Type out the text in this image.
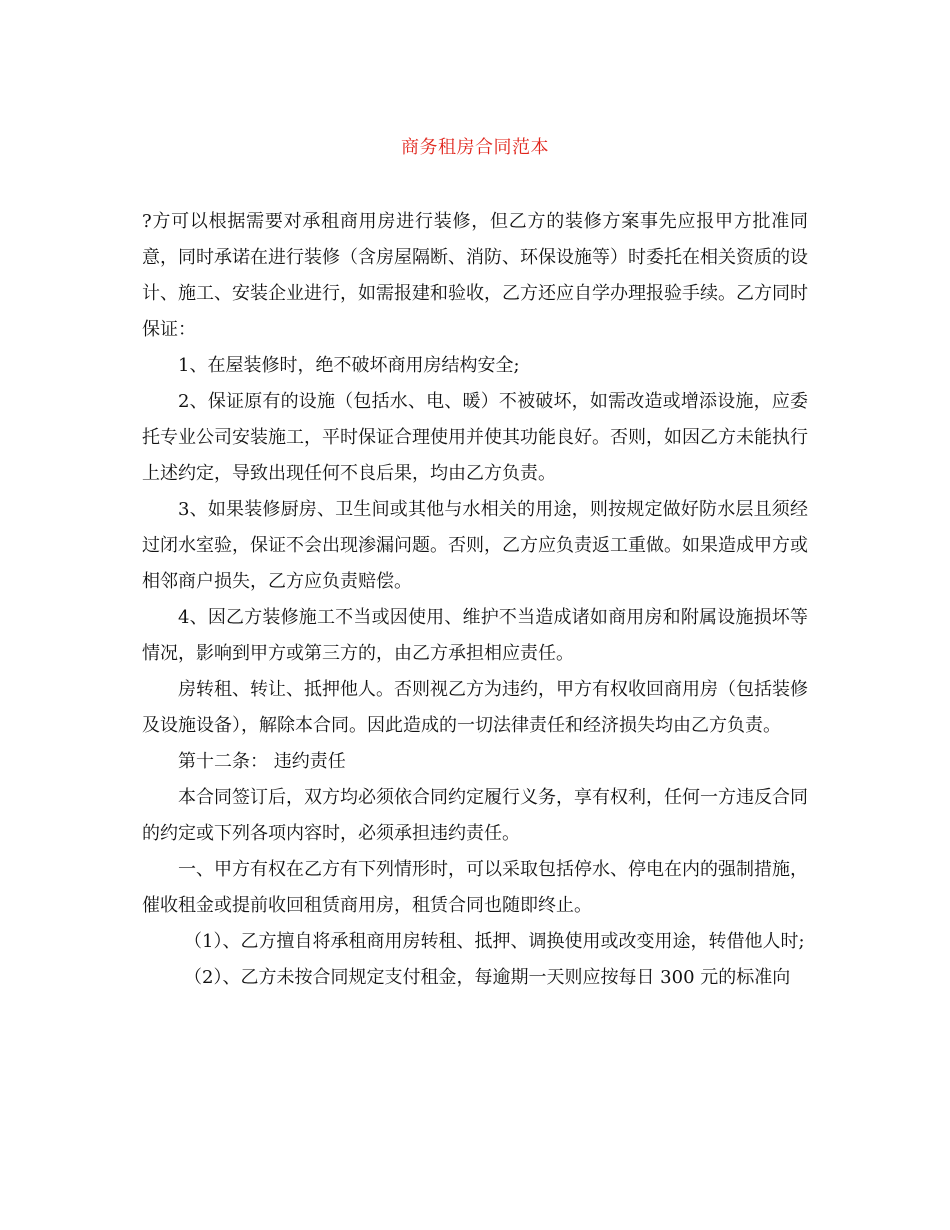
商务租房合同范本

?方可以根据需要对承租商用房进行装修，但乙方的装修方案事先应报甲方批准同意，同时承诺在进行装修（含房屋隔断、消防、环保设施等）时委托在相关资质的设计、施工、安装企业进行，如需报建和验收，乙方还应自学办理报验手续。乙方同时保证：

1、在屋装修时，绝不破坏商用房结构安全;

2、保证原有的设施（包括水、电、暖）不被破坏，如需改造或增添设施，应委托专业公司安装施工，平时保证合理使用并使其功能良好。否则，如因乙方未能执行上述约定，导致出现任何不良后果，均由乙方负责。

3、如果装修厨房、卫生间或其他与水相关的用途，则按规定做好防水层且须经过闭水室验，保证不会出现渗漏问题。否则，乙方应负责返工重做。如果造成甲方或相邻商户损失，乙方应负责赔偿。

4、因乙方装修施工不当或因使用、维护不当造成诸如商用房和附属设施损坏等情况，影响到甲方或第三方的，由乙方承担相应责任。

房转租、转让、抵押他人。否则视乙方为违约，甲方有权收回商用房（包括装修及设施设备），解除本合同。因此造成的一切法律责任和经济损失均由乙方负责。

第十二条： 违约责任

本合同签订后，双方均必须依合同约定履行义务，享有权利，任何一方违反合同的约定或下列各项内容时，必须承担违约责任。

一、甲方有权在乙方有下列情形时，可以采取包括停水、停电在内的强制措施，催收租金或提前收回租赁商用房，租赁合同也随即终止。

（1）、乙方擅自将承租商用房转租、抵押、调换使用或改变用途，转借他人时;

（2）、乙方未按合同规定支付租金，每逾期一天则应按每日 300 元的标准向
